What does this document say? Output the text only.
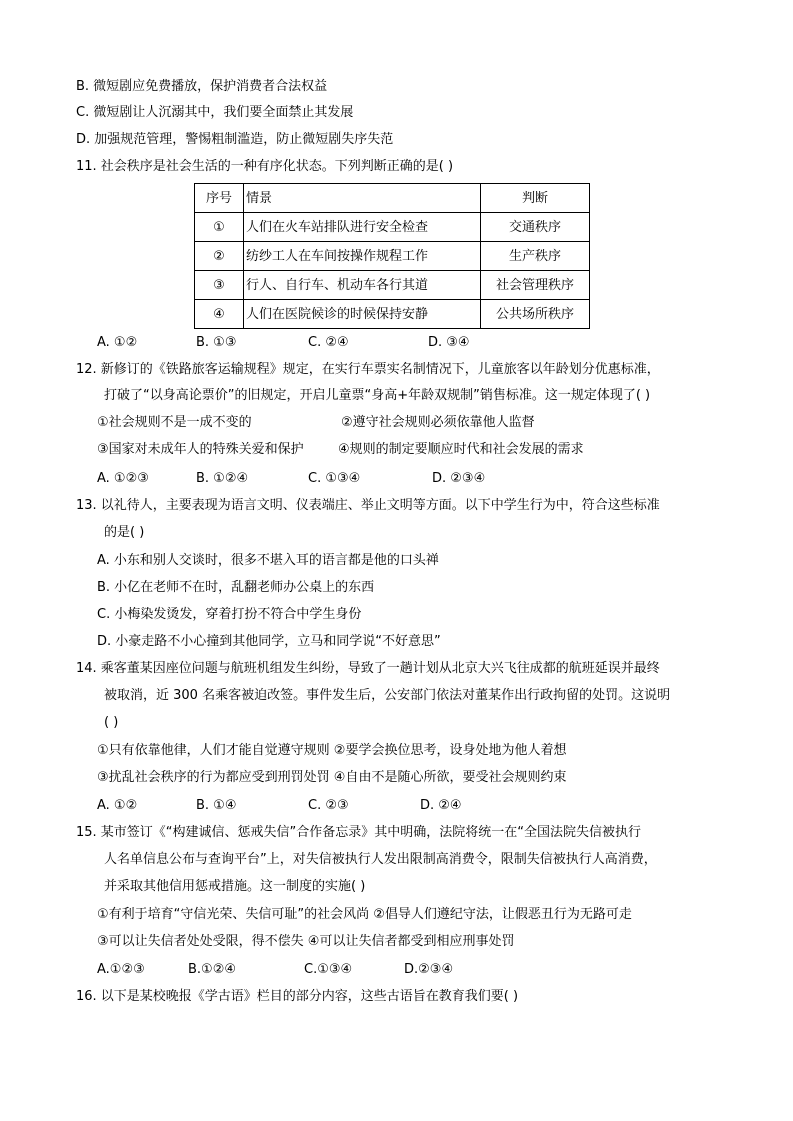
B. 微短剧应免费播放，保护消费者合法权益
C. 微短剧让人沉溺其中，我们要全面禁止其发展
D. 加强规范管理，警惕粗制滥造，防止微短剧失序失范
11. 社会秩序是社会生活的一种有序化状态。下列判断正确的是( )
序号	情景	判断
①	人们在火车站排队进行安全检查	交通秩序
②	纺纱工人在车间按操作规程工作	生产秩序
③	行人、自行车、机动车各行其道	社会管理秩序
④	人们在医院候诊的时候保持安静	公共场所秩序
A. ①②	B. ①③	C. ②④	D. ③④
12. 新修订的《铁路旅客运输规程》规定，在实行车票实名制情况下，儿童旅客以年龄划分优惠标准，
打破了“以身高论票价”的旧规定，开启儿童票“身高+年龄双规制”销售标准。这一规定体现了( )
①社会规则不是一成不变的	②遵守社会规则必须依靠他人监督
③国家对未成年人的特殊关爱和保护	④规则的制定要顺应时代和社会发展的需求
A. ①②③	B. ①②④	C. ①③④	D. ②③④
13. 以礼待人，主要表现为语言文明、仪表端庄、举止文明等方面。以下中学生行为中，符合这些标准
的是( )
A. 小东和别人交谈时，很多不堪入耳的语言都是他的口头禅
B. 小亿在老师不在时，乱翻老师办公桌上的东西
C. 小梅染发烫发，穿着打扮不符合中学生身份
D. 小豪走路不小心撞到其他同学，立马和同学说“不好意思”
14. 乘客董某因座位问题与航班机组发生纠纷，导致了一趟计划从北京大兴飞往成都的航班延误并最终
被取消，近 300 名乘客被迫改签。事件发生后，公安部门依法对董某作出行政拘留的处罚。这说明
( )
①只有依靠他律，人们才能自觉遵守规则 ②要学会换位思考，设身处地为他人着想
③扰乱社会秩序的行为都应受到刑罚处罚 ④自由不是随心所欲，要受社会规则约束
A. ①②	B. ①④	C. ②③	D. ②④
15. 某市签订《“构建诚信、惩戒失信”合作备忘录》其中明确，法院将统一在“全国法院失信被执行
人名单信息公布与查询平台”上，对失信被执行人发出限制高消费令，限制失信被执行人高消费，
并采取其他信用惩戒措施。这一制度的实施( )
①有利于培育“守信光荣、失信可耻”的社会风尚 ②倡导人们遵纪守法，让假恶丑行为无路可走
③可以让失信者处处受限，得不偿失 ④可以让失信者都受到相应刑事处罚
A.①②③	B.①②④	C.①③④	D.②③④
16. 以下是某校晚报《学古语》栏目的部分内容，这些古语旨在教育我们要( )
